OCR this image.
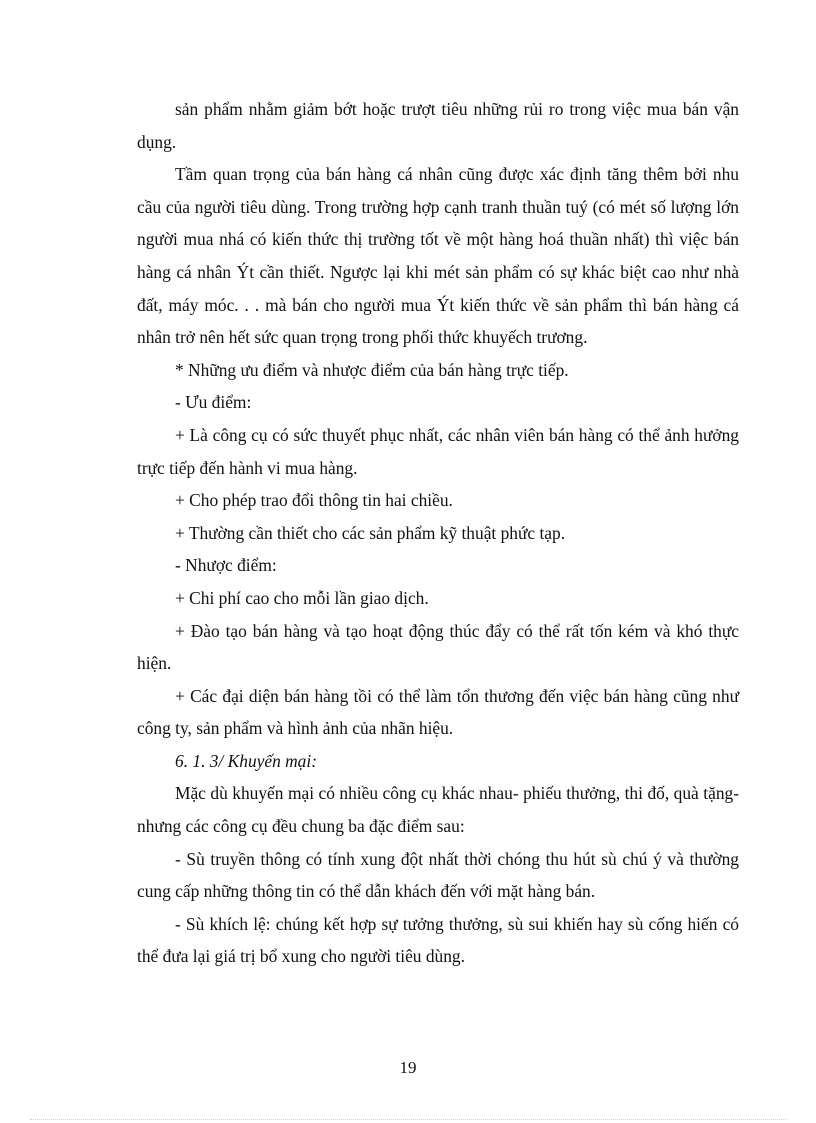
sản phẩm nhằm giảm bớt hoặc trượt tiêu những rủi ro trong việc mua bán vận dụng.

Tầm quan trọng của bán hàng cá nhân cũng được xác định tăng thêm bởi nhu cầu của người tiêu dùng. Trong trường hợp cạnh tranh thuần tuý (có mét số lượng lớn người mua nhá có kiến thức thị trường tốt về một hàng hoá thuần nhất) thì việc bán hàng cá nhân Ýt cần thiết. Ngược lại khi mét sản phẩm có sự khác biệt cao như nhà đất, máy móc. . . mà bán cho người mua Ýt kiến thức về sản phẩm thì bán hàng cá nhân trở nên hết sức quan trọng trong phối thức khuyếch trương.

* Những ưu điểm và nhược điểm của bán hàng trực tiếp.

- Ưu điểm:

+ Là công cụ có sức thuyết phục nhất, các nhân viên bán hàng có thể ảnh hưởng trực tiếp đến hành vi mua hàng.

+ Cho phép trao đổi thông tin hai chiều.

+ Thường cần thiết cho các sản phẩm kỹ thuật phức tạp.

- Nhược điểm:

+ Chi phí cao cho mỗi lần giao dịch.

+ Đào tạo bán hàng và tạo hoạt động thúc đẩy có thể rất tốn kém và khó thực hiện.

+ Các đại diện bán hàng tồi có thể làm tổn thương đến việc bán hàng cũng như công ty, sản phẩm và hình ảnh của nhãn hiệu.

6. 1. 3/ Khuyến mại:

Mặc dù khuyến mại có nhiều công cụ khác nhau- phiếu thưởng, thi đố, quà tặng- nhưng các công cụ đều chung ba đặc điểm sau:

- Sù truyền thông có tính xung đột nhất thời chóng thu hút sù chú ý và thường cung cấp những thông tin có thể dẫn khách đến với mặt hàng bán.

- Sù khích lệ: chúng kết hợp sự tưởng thưởng, sù sui khiến hay sù cống hiến có thể đưa lại giá trị bổ xung cho người tiêu dùng.

19
